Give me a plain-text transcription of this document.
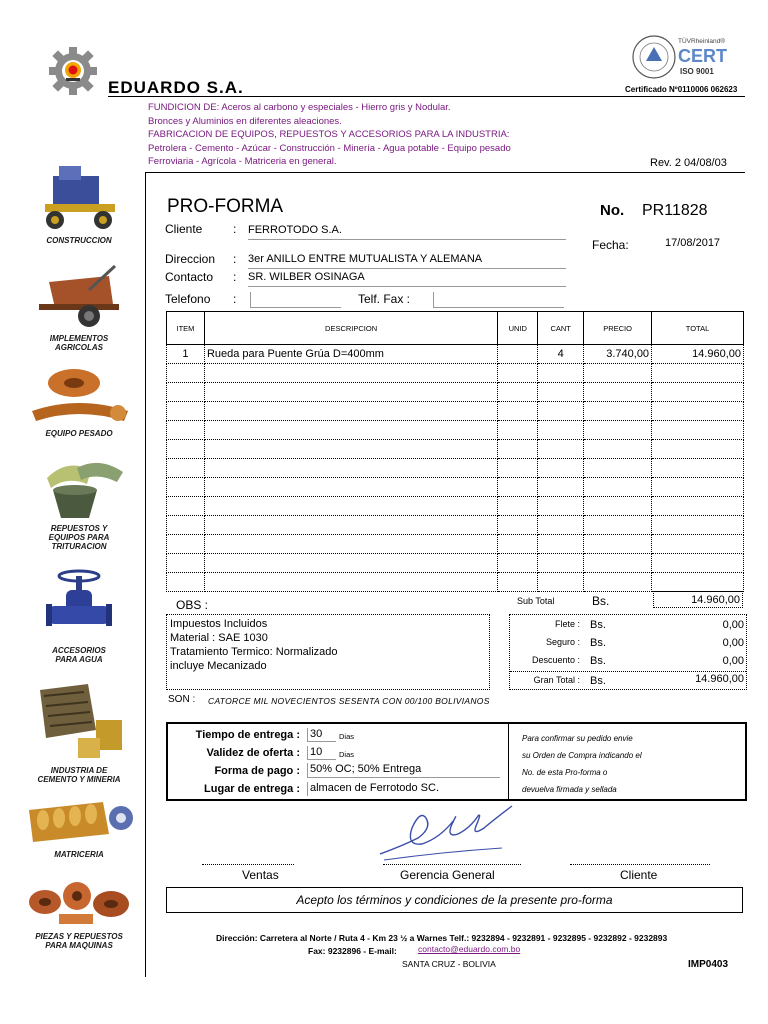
EDUARDO S.A.
TÜVRheinland®
CERT
ISO 9001
Certificado Nº0110006 062623
FUNDICION DE: Aceros al carbono y especiales - Hierro gris y Nodular.
Bronces y Aluminios en diferentes aleaciones.
FABRICACION DE EQUIPOS, REPUESTOS Y ACCESORIOS PARA LA INDUSTRIA:
Petrolera - Cemento - Azúcar - Construcción - Minería - Agua potable - Equipo pesado
Ferroviaria - Agrícola - Matriceria en general.	Rev. 2 04/08/03
CONSTRUCCION
IMPLEMENTOS
AGRICOLAS
EQUIPO PESADO
REPUESTOS Y
EQUIPOS PARA
TRITURACION
ACCESORIOS
PARA AGUA
INDUSTRIA DE
CEMENTO Y MINERIA
MATRICERIA
PIEZAS Y REPUESTOS
PARA MAQUINAS
PRO-FORMA	No. PR11828
Cliente	: FERROTODO S.A.
Fecha:	17/08/2017
Direccion : 3er ANILLO ENTRE MUTUALISTA Y ALEMANA
Contacto : SR. WILBER OSINAGA
Telefono :	Telf. Fax :
ITEM	DESCRIPCION	UNID	CANT	PRECIO	TOTAL
1	Rueda para Puente Grúa D=400mm		4	3.740,00	14.960,00

OBS :
Impuestos Incluidos
Material : SAE 1030
Tratamiento Termico: Normalizado
incluye Mecanizado
Sub Total	Bs.	14.960,00
Flete : Bs.	0,00
Seguro : Bs.	0,00
Descuento : Bs.	0,00
Gran Total : Bs.	14.960,00
SON : CATORCE MIL NOVECIENTOS SESENTA CON 00/100 BOLIVIANOS
Tiempo de entrega : 30	Dias
Validez de oferta : 10	Dias
Forma de pago : 50% OC; 50% Entrega
Lugar de entrega : almacen de Ferrotodo SC.
Para confirmar su pedido envie
su Orden de Compra indicando el
No. de esta Pro-forma o
devuelva firmada y sellada
Ventas	Gerencia General	Cliente
Acepto los términos y condiciones de la presente pro-forma
Dirección: Carretera al Norte / Ruta 4 - Km 23 ½ a Warnes Telf.: 9232894 - 9232891 - 9232895 - 9232892 - 9232893
Fax: 9232896 - E-mail: contacto@eduardo.com.bo
SANTA CRUZ - BOLIVIA	IMP0403
